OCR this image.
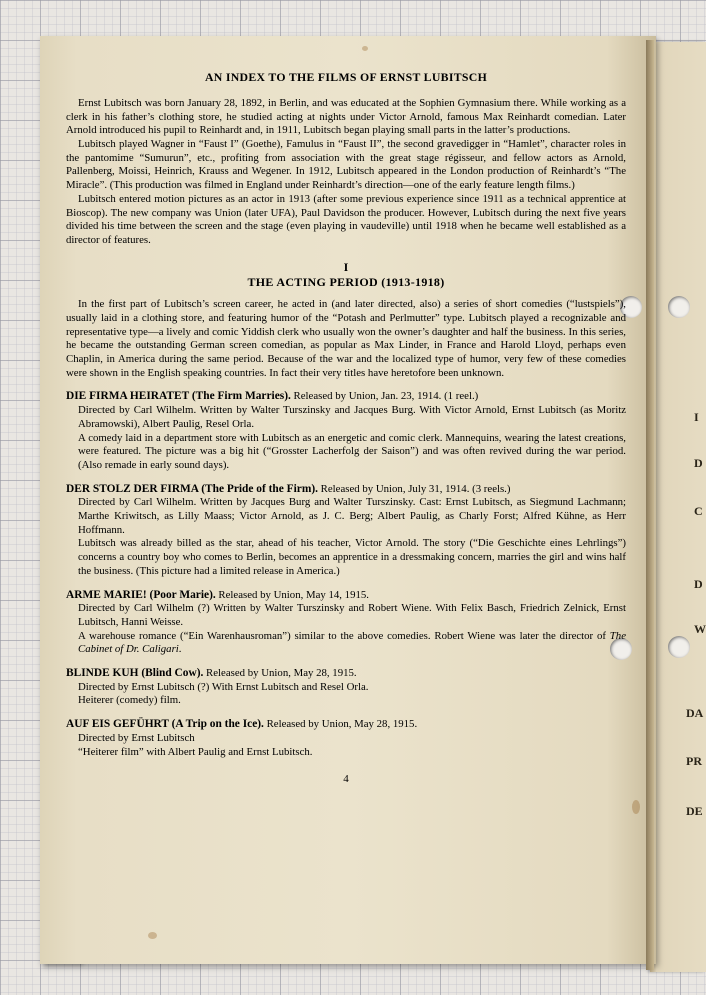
I
D
C
D
W
DA
PR
DE
AN INDEX TO THE FILMS OF ERNST LUBITSCH

Ernst Lubitsch was born January 28, 1892, in Berlin, and was educated at the Sophien Gymnasium there. While working as a clerk in his father’s clothing store, he studied acting at nights under Victor Arnold, famous Max Reinhardt comedian. Later Arnold introduced his pupil to Reinhardt and, in 1911, Lubitsch began playing small parts in the latter’s productions.

Lubitsch played Wagner in “Faust I” (Goethe), Famulus in “Faust II”, the second gravedigger in “Hamlet”, character roles in the pantomime “Sumurun”, etc., profiting from association with the great stage régisseur, and fellow actors as Arnold, Pallenberg, Moissi, Heinrich, Krauss and Wegener. In 1912, Lubitsch appeared in the London production of Reinhardt’s “The Miracle”. (This production was filmed in England under Reinhardt’s direction—one of the early feature length films.)

Lubitsch entered motion pictures as an actor in 1913 (after some previous experience since 1911 as a technical apprentice at Bioscop). The new company was Union (later UFA), Paul Davidson the producer. However, Lubitsch during the next five years divided his time between the screen and the stage (even playing in vaudeville) until 1918 when he became well established as a director of features.

I
THE ACTING PERIOD (1913-1918)

In the first part of Lubitsch’s screen career, he acted in (and later directed, also) a series of short comedies (“lustspiels”), usually laid in a clothing store, and featuring humor of the “Potash and Perlmutter” type. Lubitsch played a recognizable and representative type—a lively and comic Yiddish clerk who usually won the owner’s daughter and half the business. In this series, he became the outstanding German screen comedian, as popular as Max Linder, in France and Harold Lloyd, perhaps even Chaplin, in America during the same period. Because of the war and the localized type of humor, very few of these comedies were shown in the English speaking countries. In fact their very titles have heretofore been unknown.

DIE FIRMA HEIRATET (The Firm Marries). Released by Union, Jan. 23, 1914. (1 reel.)

Directed by Carl Wilhelm. Written by Walter Turszinsky and Jacques Burg. With Victor Arnold, Ernst Lubitsch (as Moritz Abramowski), Albert Paulig, Resel Orla.

A comedy laid in a department store with Lubitsch as an energetic and comic clerk. Mannequins, wearing the latest creations, were featured. The picture was a big hit (“Grosster Lacherfolg der Saison”) and was often revived during the war period. (Also remade in early sound days).

DER STOLZ DER FIRMA (The Pride of the Firm). Released by Union, July 31, 1914. (3 reels.)

Directed by Carl Wilhelm. Written by Jacques Burg and Walter Turszinsky. Cast: Ernst Lubitsch, as Siegmund Lachmann; Marthe Kriwitsch, as Lilly Maass; Victor Arnold, as J. C. Berg; Albert Paulig, as Charly Forst; Alfred Kühne, as Herr Hoffmann.

Lubitsch was already billed as the star, ahead of his teacher, Victor Arnold. The story (“Die Geschichte eines Lehrlings”) concerns a country boy who comes to Berlin, becomes an apprentice in a dressmaking concern, marries the girl and wins half the business. (This picture had a limited release in America.)

ARME MARIE! (Poor Marie). Released by Union, May 14, 1915.

Directed by Carl Wilhelm (?) Written by Walter Turszinsky and Robert Wiene. With Felix Basch, Friedrich Zelnick, Ernst Lubitsch, Hanni Weisse.

A warehouse romance (“Ein Warenhausroman”) similar to the above comedies. Robert Wiene was later the director of The Cabinet of Dr. Caligari.

BLINDE KUH (Blind Cow). Released by Union, May 28, 1915.

Directed by Ernst Lubitsch (?) With Ernst Lubitsch and Resel Orla.

Heiterer (comedy) film.

AUF EIS GEFÜHRT (A Trip on the Ice). Released by Union, May 28, 1915.

Directed by Ernst Lubitsch

“Heiterer film” with Albert Paulig and Ernst Lubitsch.

4
